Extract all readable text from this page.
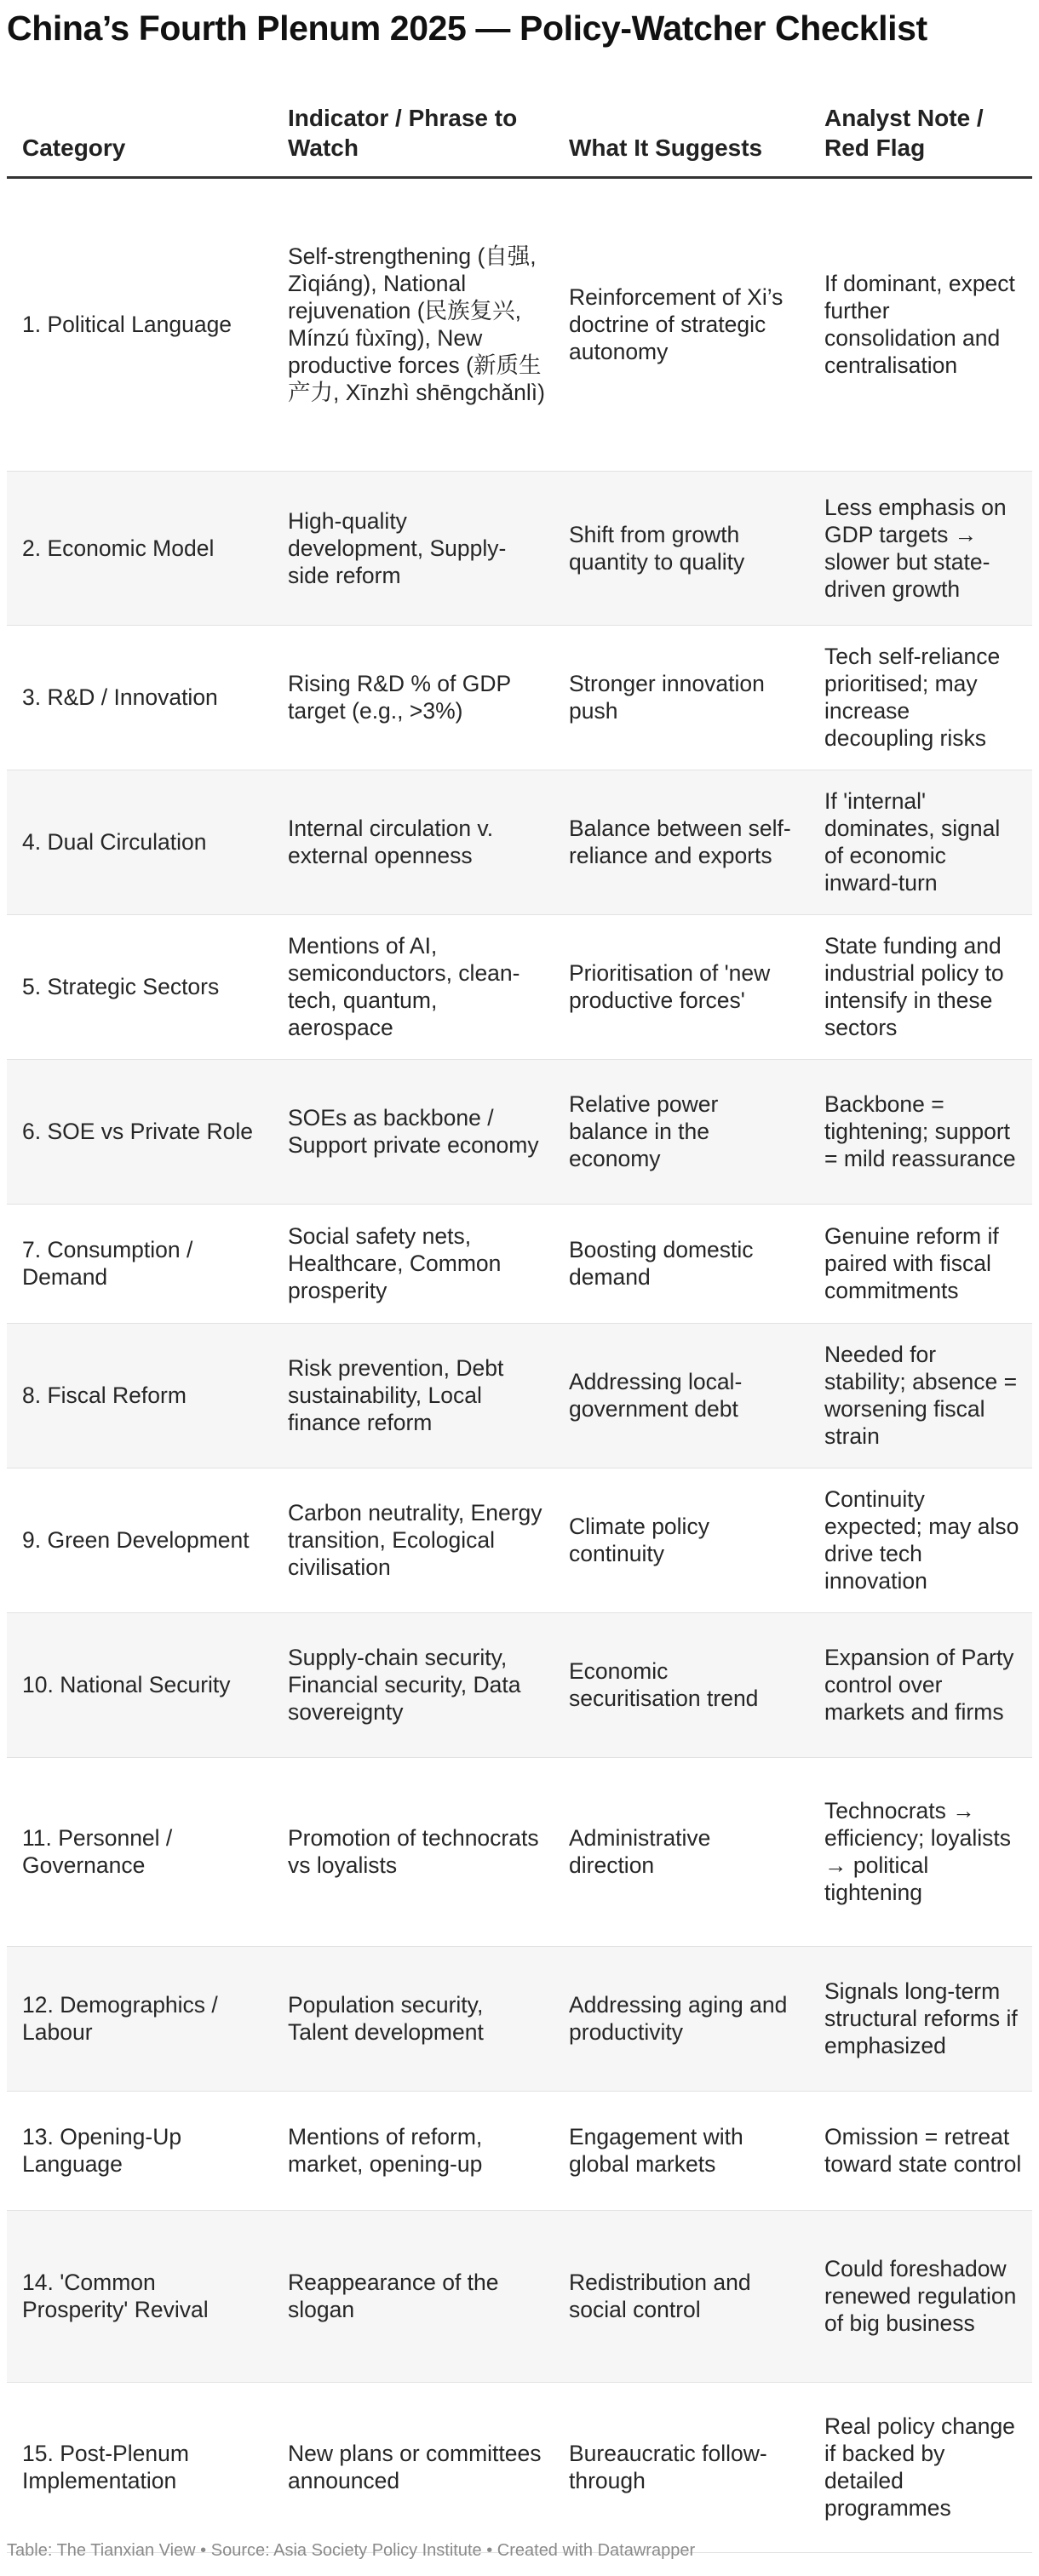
China’s Fourth Plenum 2025 — Policy-Watcher Checklist
Category	Indicator / Phrase to Watch	What It Suggests	Analyst Note / Red Flag
1. Political Language	Self-strengthening (自强, Zìqiáng), National rejuvenation (民族复兴, Mínzú fùxīng), New productive forces (新质生产力, Xīnzhì shēngchǎnlì)	Reinforcement of Xi’s doctrine of strategic autonomy	If dominant, expect further consolidation and centralisation
2. Economic Model	High-quality development, Supply-side reform	Shift from growth quantity to quality	Less emphasis on GDP targets → slower but state-driven growth
3. R&D / Innovation	Rising R&D % of GDP target (e.g., >3%)	Stronger innovation push	Tech self-reliance prioritised; may increase decoupling risks
4. Dual Circulation	Internal circulation v. external openness	Balance between self-reliance and exports	If 'internal' dominates, signal of economic inward-turn
5. Strategic Sectors	Mentions of AI, semiconductors, clean-tech, quantum, aerospace	Prioritisation of 'new productive forces'	State funding and industrial policy to intensify in these sectors
6. SOE vs Private Role	SOEs as backbone / Support private economy	Relative power balance in the economy	Backbone = tightening; support = mild reassurance
7. Consumption / Demand	Social safety nets, Healthcare, Common prosperity	Boosting domestic demand	Genuine reform if paired with fiscal commitments
8. Fiscal Reform	Risk prevention, Debt sustainability, Local finance reform	Addressing local-government debt	Needed for stability; absence = worsening fiscal strain
9. Green Development	Carbon neutrality, Energy transition, Ecological civilisation	Climate policy continuity	Continuity expected; may also drive tech innovation
10. National Security	Supply-chain security, Financial security, Data sovereignty	Economic securitisation trend	Expansion of Party control over markets and firms
11. Personnel / Governance	Promotion of technocrats vs loyalists	Administrative direction	Technocrats → efficiency; loyalists → political tightening
12. Demographics / Labour	Population security, Talent development	Addressing aging and productivity	Signals long-term structural reforms if emphasized
13. Opening-Up Language	Mentions of reform, market, opening-up	Engagement with global markets	Omission = retreat toward state control
14. 'Common Prosperity' Revival	Reappearance of the slogan	Redistribution and social control	Could foreshadow renewed regulation of big business
15. Post-Plenum Implementation	New plans or committees announced	Bureaucratic follow-through	Real policy change if backed by detailed programmes
Table: The Tianxian View • Source: Asia Society Policy Institute • Created with Datawrapper
